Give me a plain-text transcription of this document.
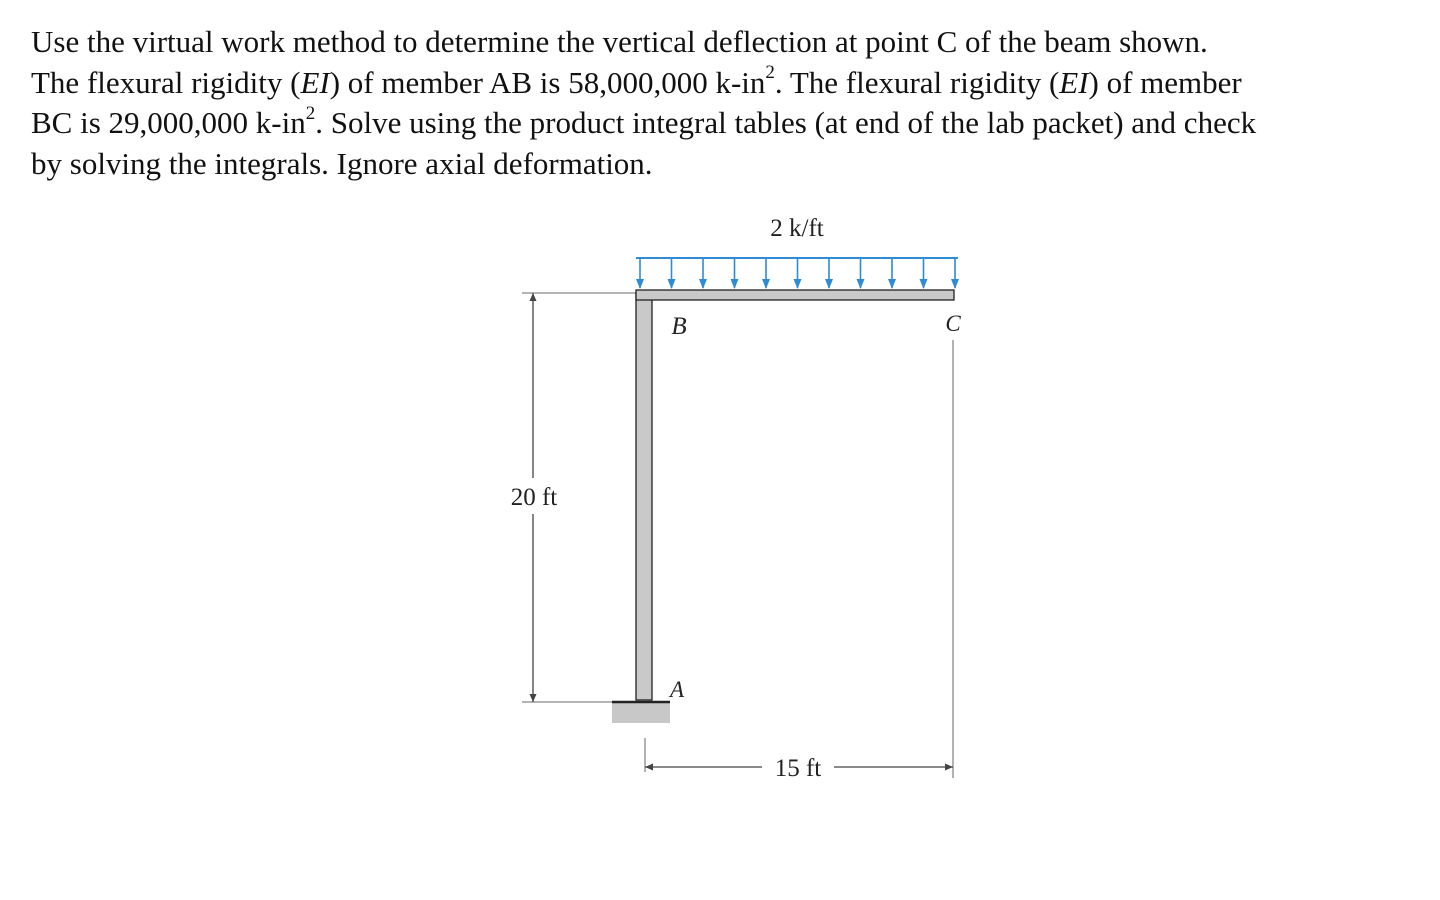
Use the virtual work method to determine the vertical deflection at point C of the beam shown.
The flexural rigidity (EI) of member AB is 58,000,000 $k-in^2$. The flexural rigidity (EI) of member
BC is 29,000,000 $k-in^2$. Solve using the product integral tables (at end of the lab packet) and check
by solving the integrals. Ignore axial deformation.

2 k/ft
B	C
A
20 ft
15 ft
